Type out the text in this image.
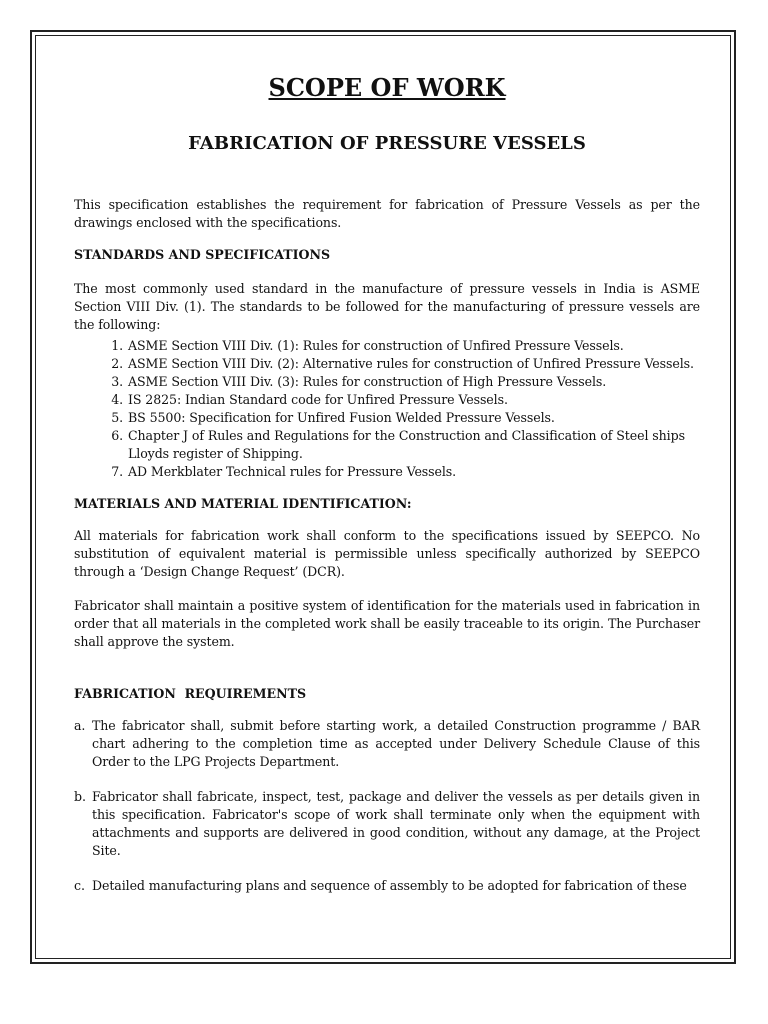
SCOPE OF WORK
FABRICATION OF PRESSURE VESSELS

This specification establishes the requirement for fabrication of Pressure Vessels as per the drawings enclosed with the specifications.

STANDARDS AND SPECIFICATIONS

The most commonly used standard in the manufacture of pressure vessels in India is ASME Section VIII Div. (1). The standards to be followed for the manufacturing of pressure vessels are the following:

1. ASME Section VIII Div. (1): Rules for construction of Unfired Pressure Vessels.
2. ASME Section VIII Div. (2): Alternative rules for construction of Unfired Pressure Vessels.
3. ASME Section VIII Div. (3): Rules for construction of High Pressure Vessels.
4. IS 2825: Indian Standard code for Unfired Pressure Vessels.
5. BS 5500: Specification for Unfired Fusion Welded Pressure Vessels.
6. Chapter J of Rules and Regulations for the Construction and Classification of Steel ships Lloyds register of Shipping.
7. AD Merkblater Technical rules for Pressure Vessels.
MATERIALS AND MATERIAL IDENTIFICATION:

All materials for fabrication work shall conform to the specifications issued by SEEPCO. No substitution of equivalent material is permissible unless specifically authorized by SEEPCO through a ‘Design Change Request’ (DCR).

Fabricator shall maintain a positive system of identification for the materials used in fabrication in order that all materials in the completed work shall be easily traceable to its origin. The Purchaser shall approve the system.

FABRICATION  REQUIREMENTS
a. The fabricator shall, submit before starting work, a detailed Construction programme / BAR chart adhering to the completion time as accepted under Delivery Schedule Clause of this Order to the LPG Projects Department.
b. Fabricator shall fabricate, inspect, test, package and deliver the vessels as per details given in this specification. Fabricator's scope of work shall terminate only when the equipment with attachments and supports are delivered in good condition, without any damage, at the Project Site.
c. Detailed manufacturing plans and sequence of assembly to be adopted for fabrication of these
